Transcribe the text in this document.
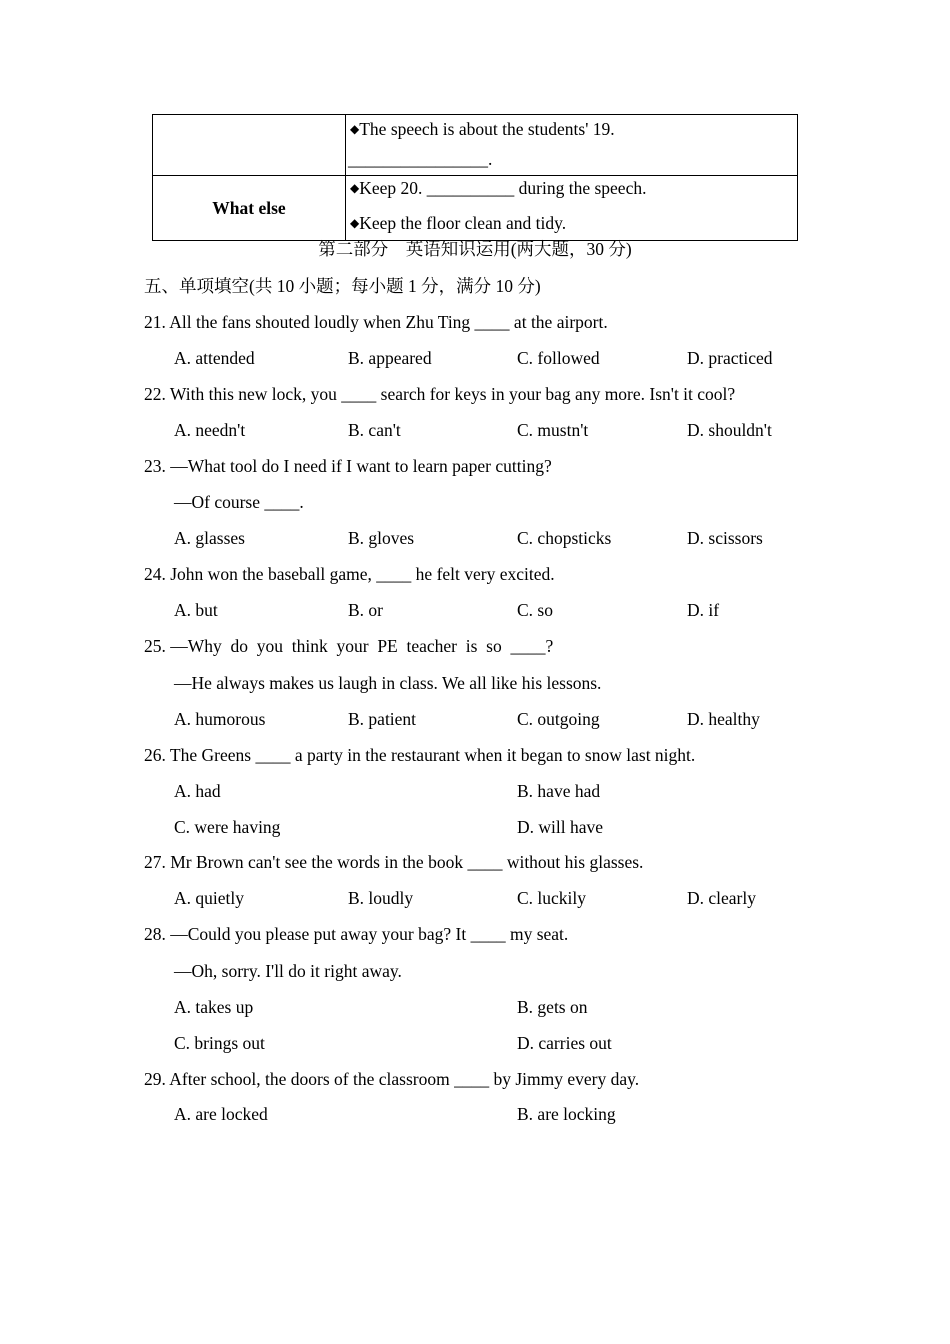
	◆The speech is about the students' 19.
________________.

What else	◆Keep 20. __________ during the speech.
◆Keep the floor clean and tidy.
第二部分　英语知识运用(两大题，30 分)
五、单项填空(共 10 小题；每小题 1 分，满分 10 分)
21. All the fans shouted loudly when Zhu Ting ____ at the airport.
A. attended	B. appeared	C. followed	D. practiced
22. With this new lock, you ____ search for keys in your bag any more. Isn't it cool?
A. needn't	B. can't	C. mustn't	D. shouldn't
23. —What tool do I need if I want to learn paper cutting?
—Of course ____.
A. glasses	B. gloves	C. chopsticks	D. scissors
24. John won the baseball game, ____ he felt very excited.
A. but	B. or	C. so	D. if
25. —Why  do  you  think  your  PE  teacher  is  so  ____?
—He always makes us laugh in class. We all like his lessons.
A. humorous	B. patient	C. outgoing	D. healthy
26. The Greens ____ a party in the restaurant when it began to snow last night.
A. had	B. have had
C. were having	D. will have
27. Mr Brown can't see the words in the book ____ without his glasses.
A. quietly	B. loudly	C. luckily	D. clearly
28. —Could you please put away your bag? It ____ my seat.
—Oh, sorry. I'll do it right away.
A. takes up	B. gets on
C. brings out	D. carries out
29. After school, the doors of the classroom ____ by Jimmy every day.
A. are locked	B. are locking
